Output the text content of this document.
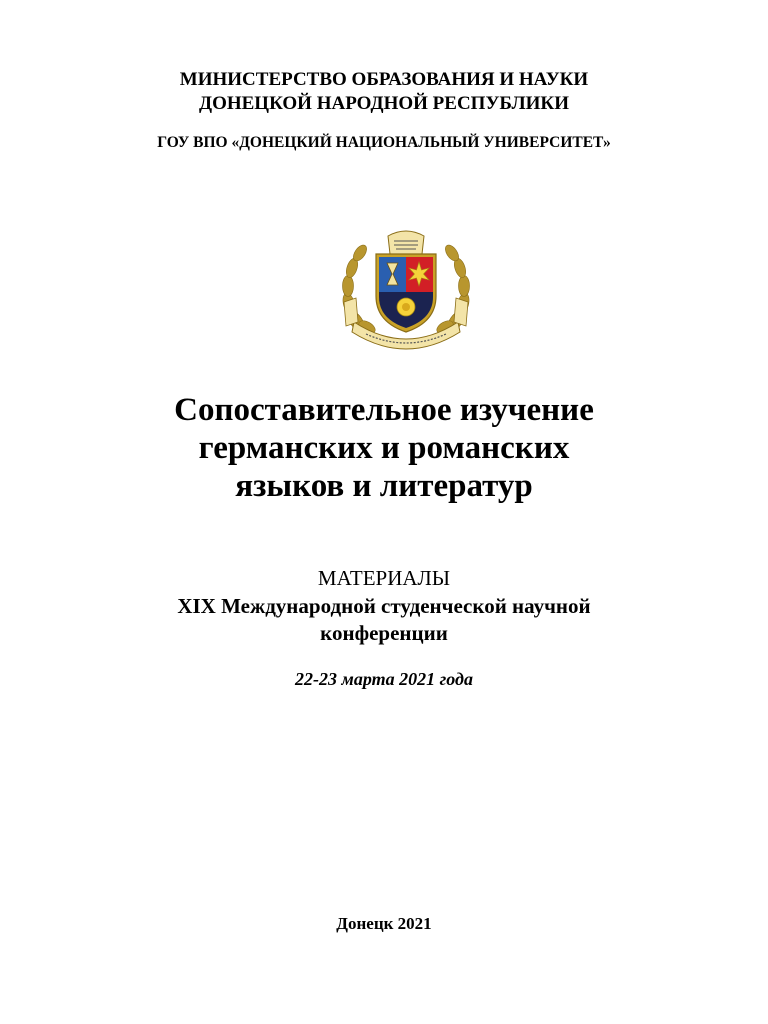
МИНИСТЕРСТВО ОБРАЗОВАНИЯ И НАУКИ
ДОНЕЦКОЙ НАРОДНОЙ РЕСПУБЛИКИ
ГОУ ВПО «ДОНЕЦКИЙ НАЦИОНАЛЬНЫЙ УНИВЕРСИТЕТ»
Сопоставительное изучение
германских и романских
языков и литератур
МАТЕРИАЛЫ
XIX Международной студенческой научной
конференции
22-23 марта 2021 года
Донецк 2021
